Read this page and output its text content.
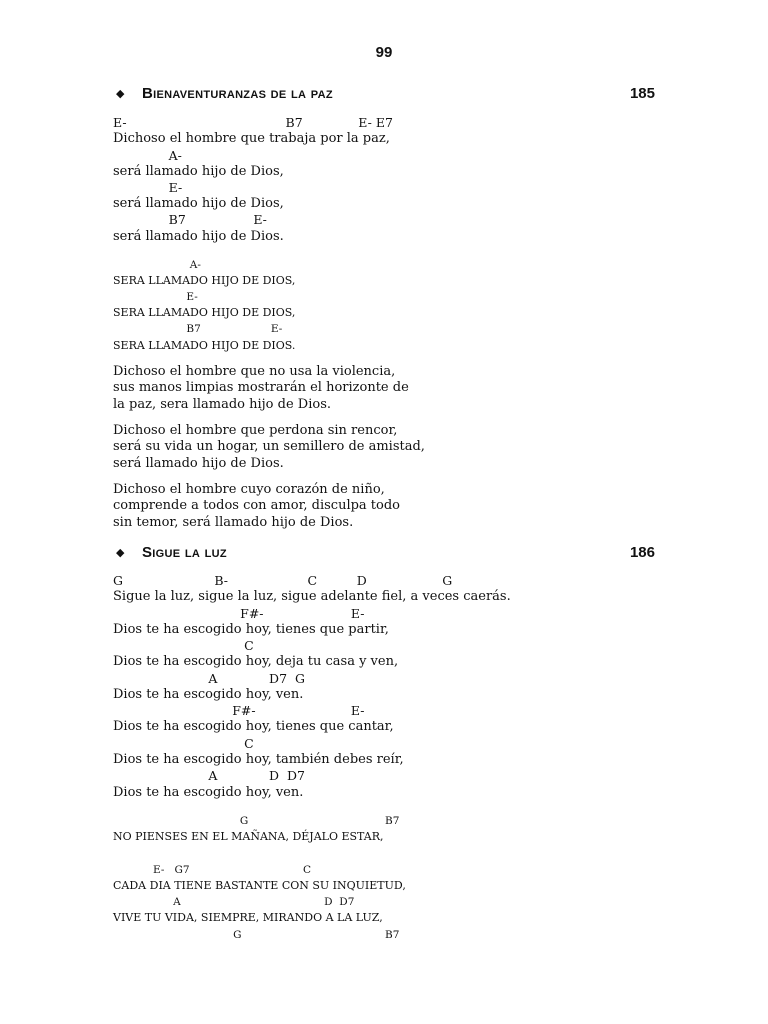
99
◆ Bienaventuranzas de la paz	185
E-                                        B7              E- E7
Dichoso el hombre que trabaja por la paz,
A-
será llamado hijo de Dios,
E-
será llamado hijo de Dios,
B7                 E-
será llamado hijo de Dios.
A-
SERA LLAMADO HIJO DE DIOS,
E-
SERA LLAMADO HIJO DE DIOS,
B7                     E-
SERA LLAMADO HIJO DE DIOS.
Dichoso el hombre que no usa la violencia,
sus manos limpias mostrarán el horizonte de
la paz, sera llamado hijo de Dios.
Dichoso el hombre que perdona sin rencor,
será su vida un hogar, un semillero de amistad,
será llamado hijo de Dios.
Dichoso el hombre cuyo corazón de niño,
comprende a todos con amor, disculpa todo
sin temor, será llamado hijo de Dios.
◆ Sigue la luz	186
G                       B-                    C          D                   G
Sigue la luz, sigue la luz, sigue adelante fiel, a veces caerás.
F#-                      E-
Dios te ha escogido hoy, tienes que partir,
C
Dios te ha escogido hoy, deja tu casa y ven,
A             D7  G
Dios te ha escogido hoy, ven.
F#-                        E-
Dios te ha escogido hoy, tienes que cantar,
C
Dios te ha escogido hoy, también debes reír,
A             D  D7
Dios te ha escogido hoy, ven.
G                                         B7
NO PIENSES EN EL MAÑANA, DÉJALO ESTAR,
E-   G7                                  C
CADA DIA TIENE BASTANTE CON SU INQUIETUD,
A                                           D  D7
VIVE TU VIDA, SIEMPRE, MIRANDO A LA LUZ,
G                                           B7
